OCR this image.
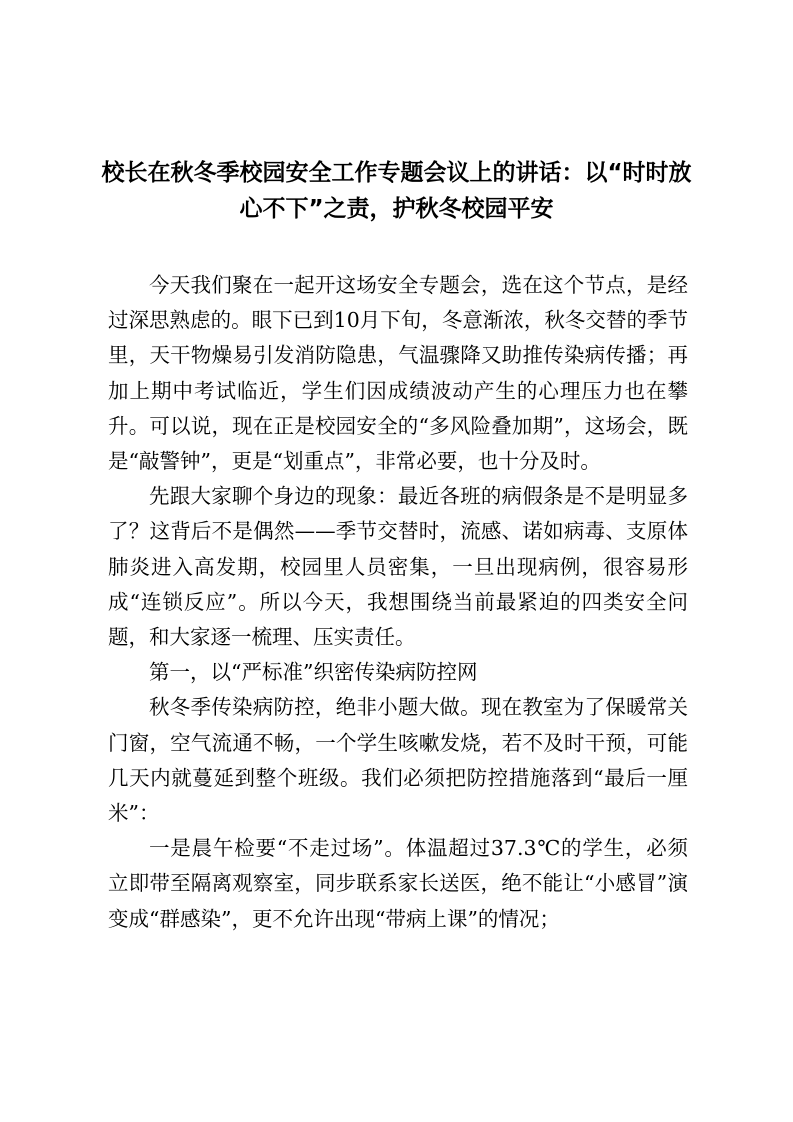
校长在秋冬季校园安全工作专题会议上的讲话：以“时时放心不下”之责，护秋冬校园平安

今天我们聚在一起开这场安全专题会，选在这个节点，是经过深思熟虑的。眼下已到10月下旬，冬意渐浓，秋冬交替的季节里，天干物燥易引发消防隐患，气温骤降又助推传染病传播；再加上期中考试临近，学生们因成绩波动产生的心理压力也在攀升。可以说，现在正是校园安全的“多风险叠加期”，这场会，既是“敲警钟”，更是“划重点”，非常必要，也十分及时。

先跟大家聊个身边的现象：最近各班的病假条是不是明显多了？这背后不是偶然——季节交替时，流感、诺如病毒、支原体肺炎进入高发期，校园里人员密集，一旦出现病例，很容易形成“连锁反应”。所以今天，我想围绕当前最紧迫的四类安全问题，和大家逐一梳理、压实责任。

第一，以“严标准”织密传染病防控网

秋冬季传染病防控，绝非小题大做。现在教室为了保暖常关门窗，空气流通不畅，一个学生咳嗽发烧，若不及时干预，可能几天内就蔓延到整个班级。我们必须把防控措施落到“最后一厘米”：

一是晨午检要“不走过场”。体温超过37.3℃的学生，必须立即带至隔离观察室，同步联系家长送医，绝不能让“小感冒”演变成“群感染”，更不允许出现“带病上课”的情况；
